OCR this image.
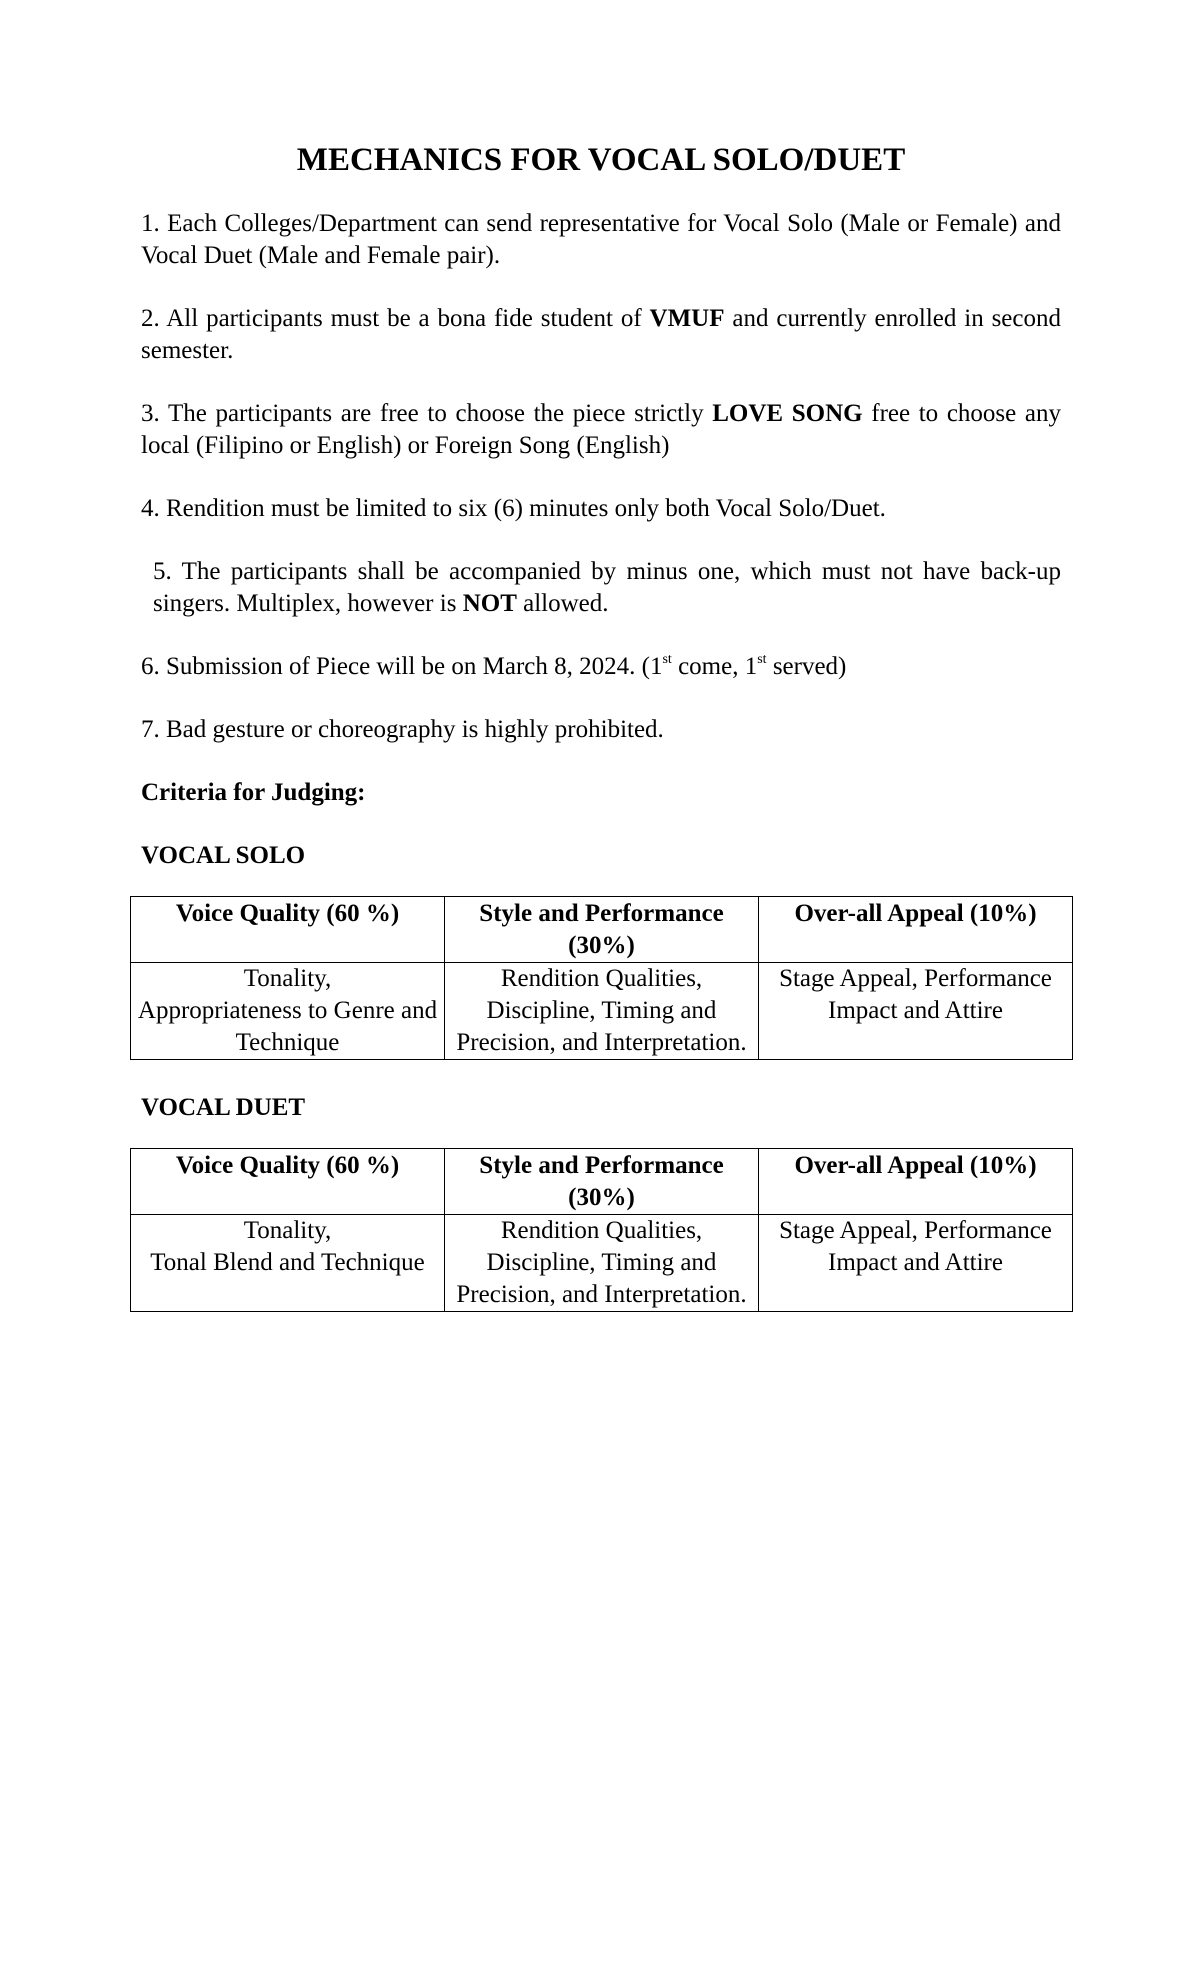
MECHANICS FOR VOCAL SOLO/DUET
1. Each Colleges/Department can send representative for Vocal Solo (Male or Female) and Vocal Duet (Male and Female pair).
2. All participants must be a bona fide student of VMUF and currently enrolled in second semester.
3. The participants are free to choose the piece strictly LOVE SONG free to choose any local (Filipino or English) or Foreign Song (English)
4. Rendition must be limited to six (6) minutes only both Vocal Solo/Duet.
5. The participants shall be accompanied by minus one, which must not have back-up singers. Multiplex, however is NOT allowed.
6. Submission of Piece will be on March 8, 2024. (1st come, 1st served)
7. Bad gesture or choreography is highly prohibited.
Criteria for Judging:
VOCAL SOLO
Voice Quality (60 %)	Style and Performance (30%)	Over-all Appeal (10%)

Tonality,
Appropriateness to Genre and Technique	Rendition Qualities, Discipline, Timing and Precision, and Interpretation.	Stage Appeal, Performance Impact and Attire
VOCAL DUET
Voice Quality (60 %)	Style and Performance (30%)	Over-all Appeal (10%)

Tonality,
Tonal Blend and Technique	Rendition Qualities, Discipline, Timing and Precision, and Interpretation.	Stage Appeal, Performance Impact and Attire
